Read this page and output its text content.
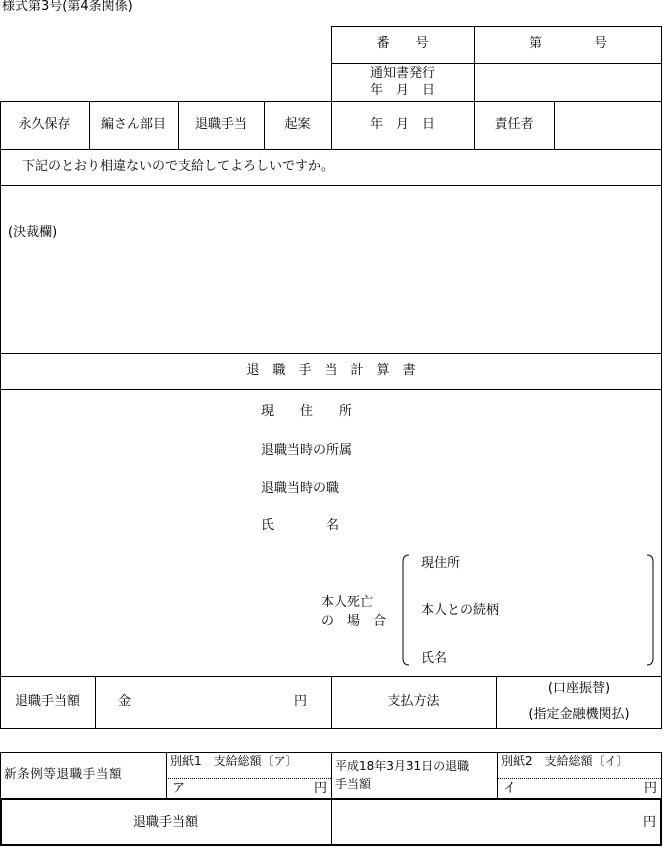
様式第3号(第4条関係)
番　　号	第　　　　号
通知書発行
年　月　日
永久保存	編さん部目	退職手当	起案	年　月　日	責任者
下記のとおり相違ないので支給してよろしいですか。
(決裁欄)
退　職　手　当　計　算　書
現　　住　　所
退職当時の所属
退職当時の職
氏　　　　名
本人死亡
の　場　合
現住所
本人との続柄
氏名
退職手当額	金	円	支払方法
(口座振替)
(指定金融機関払)
新条例等退職手当額
別紙1　支給総額〔ア〕
ア	円
平成18年3月31日の退職
手当額
別紙2　支給総額〔イ〕
イ	円
退職手当額	円
